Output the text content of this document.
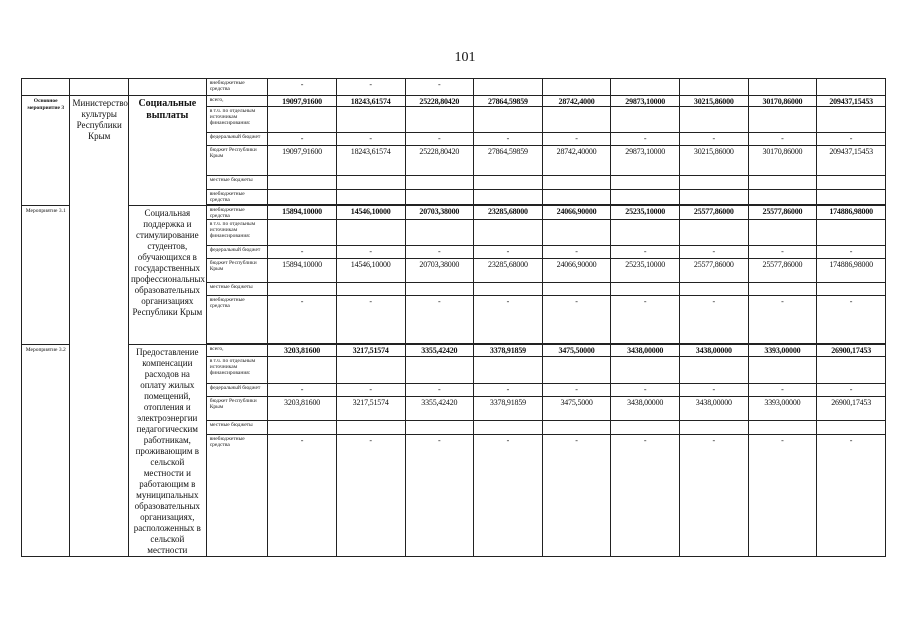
101
			внебюджетные средства	-	-	-						
Основное мероприятие 3	Министерство культуры Республики Крым	Социальные выплаты	всего,	19097,91600	18243,61574	25228,80420	27864,59859	28742,4000	29873,10000	30215,86000	30170,86000	209437,15453
			в т.ч. по отдельным источникам финансирования:									
			федеральный бюджет	-	-	-	-	-	-	-	-	-
			бюджет Республики Крым	19097,91600	18243,61574	25228,80420	27864,59859	28742,40000	29873,10000	30215,86000	30170,86000	209437,15453
			местные бюджеты									
			внебюджетные средства									

Мероприятие 3.1		Социальная поддержка и стимулирование студентов, обучающихся в государственных профессиональных образовательных организациях Республики Крым	внебюджетные средства	15894,10000	14546,10000	20703,38000	23285,68000	24066,90000	25235,10000	25577,86000	25577,86000	174886,98000
			в т.ч. по отдельным источникам финансирования:									
			федеральный бюджет	-	-	-	-	-	-	-	-	-
			бюджет Республики Крым	15894,10000	14546,10000	20703,38000	23285,68000	24066,90000	25235,10000	25577,86000	25577,86000	174886,98000
			местные бюджеты									
			внебюджетные средства	-	-	-	-	-	-	-	-	-

Мероприятие 3.2		Предоставление компенсации расходов на оплату жилых помещений, отопления и электроэнергии педагогическим работникам, проживающим в сельской местности и работающим в муниципальных образовательных организациях, расположенных в сельской местности	всего,	3203,81600	3217,51574	3355,42420	3378,91859	3475,50000	3438,00000	3438,00000	3393,00000	26900,17453
			в т.ч. по отдельным источникам финансирования:									
			федеральный бюджет	-	-	-	-	-	-	-	-	-
			бюджет Республики Крым	3203,81600	3217,51574	3355,42420	3378,91859	3475,5000	3438,00000	3438,00000	3393,00000	26900,17453
			местные бюджеты									
			внебюджетные средства	-	-	-	-	-	-	-	-	-
